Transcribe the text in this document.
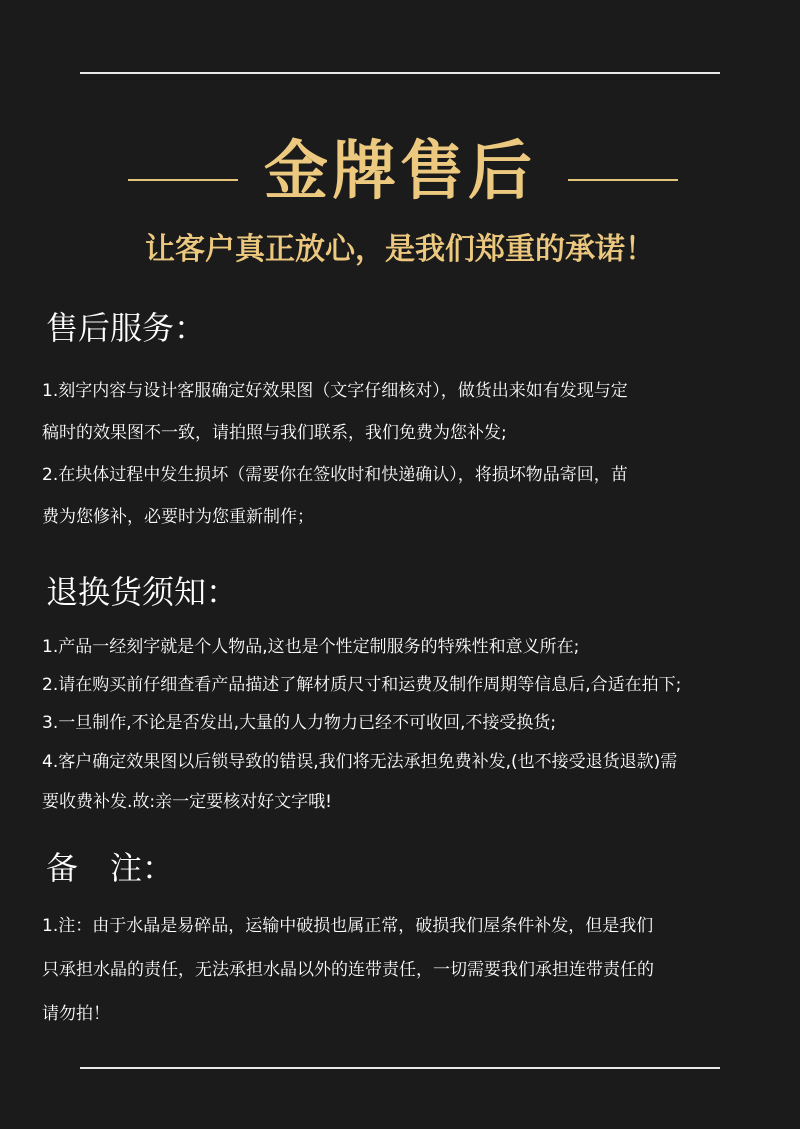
金牌售后
让客户真正放心，是我们郑重的承诺！
售后服务：

1.刻字内容与设计客服确定好效果图（文字仔细核对），做货出来如有发现与定

稿时的效果图不一致，请拍照与我们联系，我们免费为您补发;

2.在块体过程中发生损坏（需要你在签收时和快递确认），将损坏物品寄回，苗

费为您修补，必要时为您重新制作；

退换货须知：

1.产品一经刻字就是个人物品,这也是个性定制服务的特殊性和意义所在;

2.请在购买前仔细查看产品描述了解材质尺寸和运费及制作周期等信息后,合适在拍下;

3.一旦制作,不论是否发出,大量的人力物力已经不可收回,不接受换货;

4.客户确定效果图以后锁导致的错误,我们将无法承担免费补发,(也不接受退货退款)需

要收费补发.故:亲一定要核对好文字哦!

备　注：

1.注：由于水晶是易碎品，运输中破损也属正常，破损我们屋条件补发，但是我们

只承担水晶的责任，无法承担水晶以外的连带责任，一切需要我们承担连带责任的

请勿拍！
